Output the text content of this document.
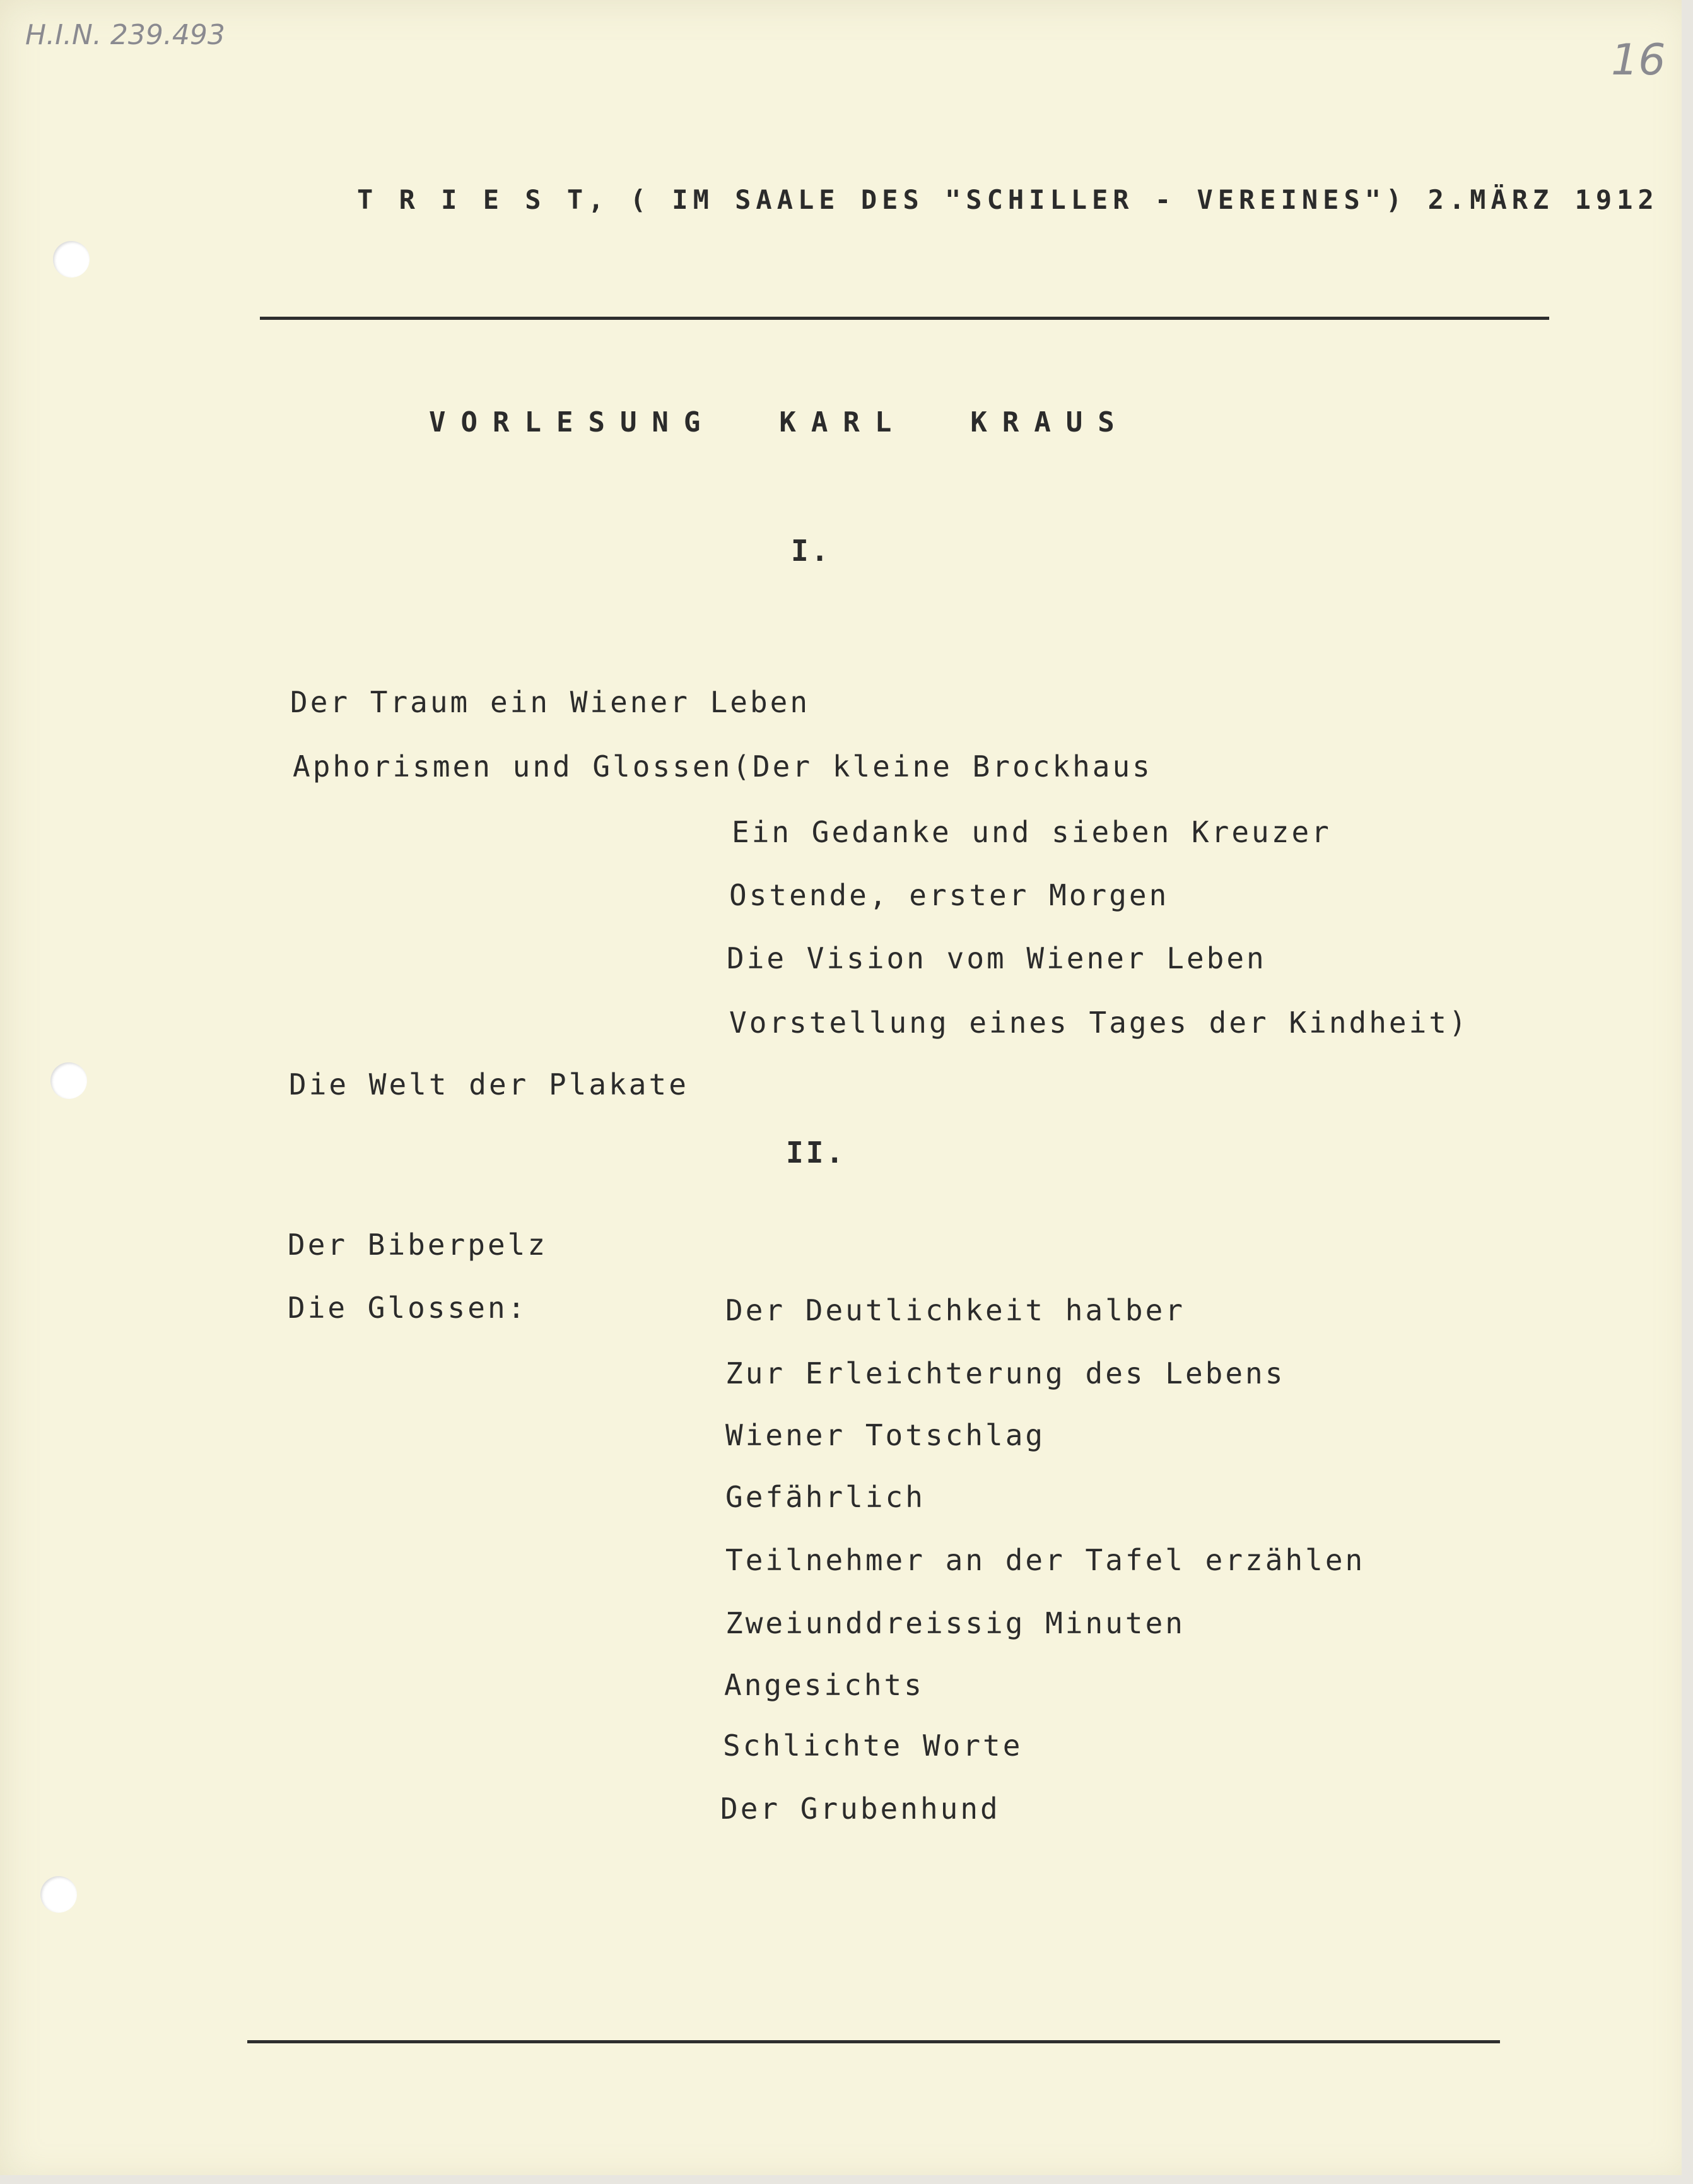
H.I.N. 239.493
16
T R I E S T, ( IM SAALE DES "SCHILLER - VEREINES") 2.MÄRZ 1912
VORLESUNG  KARL  KRAUS
I.
Der Traum ein Wiener Leben
Aphorismen und Glossen(Der kleine Brockhaus
Ein Gedanke und sieben Kreuzer
Ostende, erster Morgen
Die Vision vom Wiener Leben
Vorstellung eines Tages der Kindheit)
Die Welt der Plakate
II.
Der Biberpelz
Die Glossen:	Der Deutlichkeit halber
Zur Erleichterung des Lebens
Wiener Totschlag
Gefährlich
Teilnehmer an der Tafel erzählen
Zweiunddreissig Minuten
Angesichts
Schlichte Worte
Der Grubenhund
